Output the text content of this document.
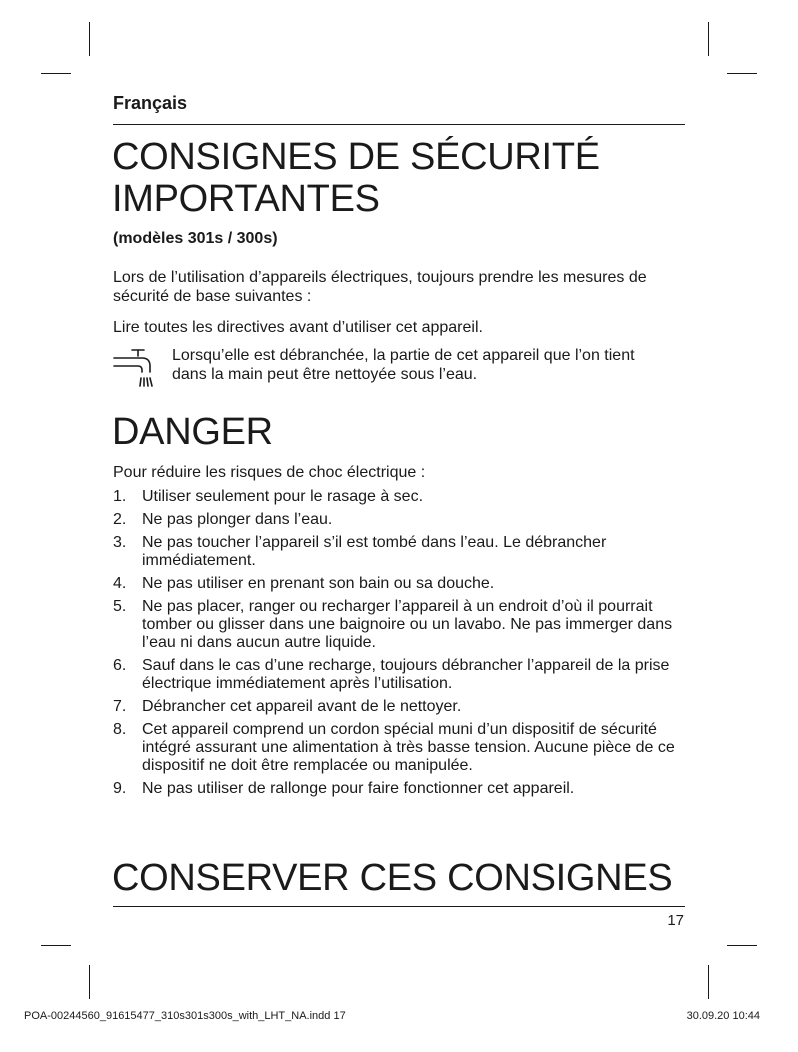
Français
CONSIGNES DE SÉCURITÉ
IMPORTANTES
(modèles 301s / 300s)

Lors de l’utilisation d’appareils électriques, toujours prendre les mesures de sécurité de base suivantes :

Lire toutes les directives avant d’utiliser cet appareil.

Lorsqu’elle est débranchée, la partie de cet appareil que l’on tient dans la main peut être nettoyée sous l’eau.
DANGER

Pour réduire les risques de choc électrique :

1. Utiliser seulement pour le rasage à sec.
2. Ne pas plonger dans l’eau.
3. Ne pas toucher l’appareil s’il est tombé dans l’eau. Le débrancher immédiatement.
4. Ne pas utiliser en prenant son bain ou sa douche.
5. Ne pas placer, ranger ou recharger l’appareil à un endroit d’où il pourrait tomber ou glisser dans une baignoire ou un lavabo. Ne pas immerger dans l’eau ni dans aucun autre liquide.
6. Sauf dans le cas d’une recharge, toujours débrancher l’appareil de la prise électrique immédiatement après l’utilisation.
7. Débrancher cet appareil avant de le nettoyer.
8. Cet appareil comprend un cordon spécial muni d’un dispositif de sécurité intégré assurant une alimentation à très basse tension. Aucune pièce de ce dispositif ne doit être remplacée ou manipulée.
9. Ne pas utiliser de rallonge pour faire fonctionner cet appareil.
CONSERVER CES CONSIGNES
17
POA-00244560_91615477_310s301s300s_with_LHT_NA.indd 17	30.09.20 10:44
